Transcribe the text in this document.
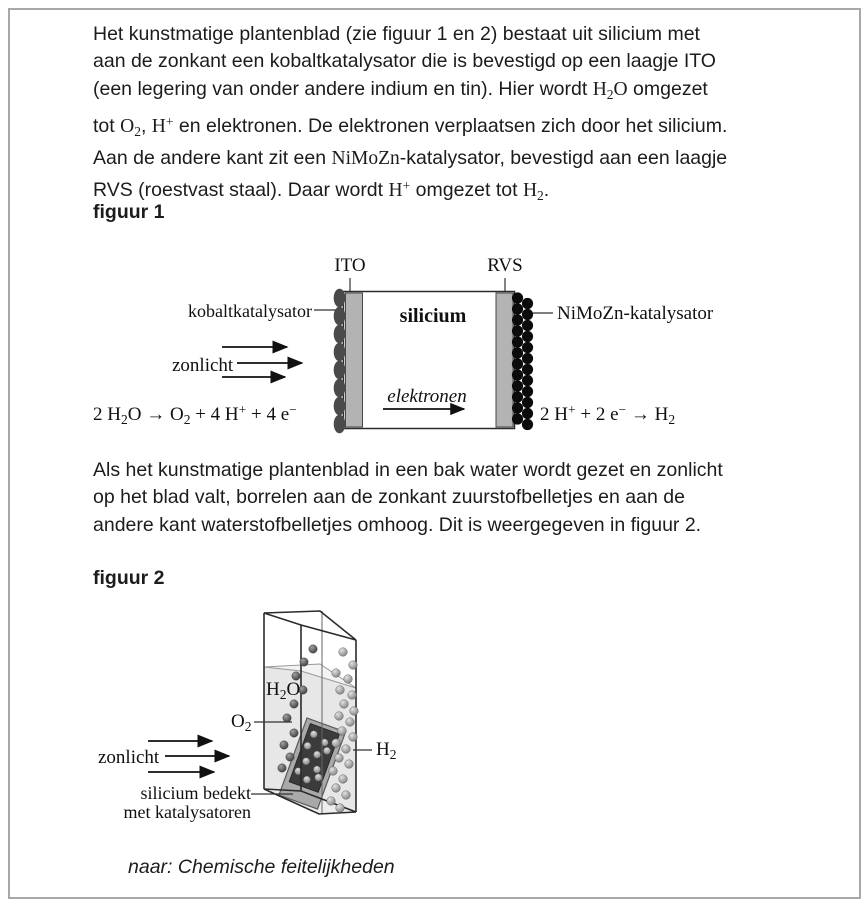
Het kunstmatige plantenblad (zie figuur 1 en 2) bestaat uit silicium met
aan de zonkant een kobaltkatalysator die is bevestigd op een laagje ITO
(een legering van onder andere indium en tin). Hier wordt $H_2O$ omgezet
tot $O_2$, H+ en elektronen. De elektronen verplaatsen zich door het silicium.
Aan de andere kant zit een NiMoZn-katalysator, bevestigd aan een laagje
RVS (roestvast staal). Daar wordt H+ omgezet tot $H_2$.
figuur 1
ITO	RVS
kobaltkatalysator	silicium	NiMoZn-katalysator
zonlicht
elektronen
2 $H_2O \to O_2 + 4$ H+ + 4 e−	2 H+ + 2 $e^- \to H_2$
Als het kunstmatige plantenblad in een bak water wordt gezet en zonlicht
op het blad valt, borrelen aan de zonkant zuurstofbelletjes en aan de
andere kant waterstofbelletjes omhoog. Dit is weergegeven in figuur 2.
figuur 2
$H_2O$
$O_2$
zonlicht	$H_2$
silicium bedekt
met katalysatoren
naar: Chemische feitelijkheden
